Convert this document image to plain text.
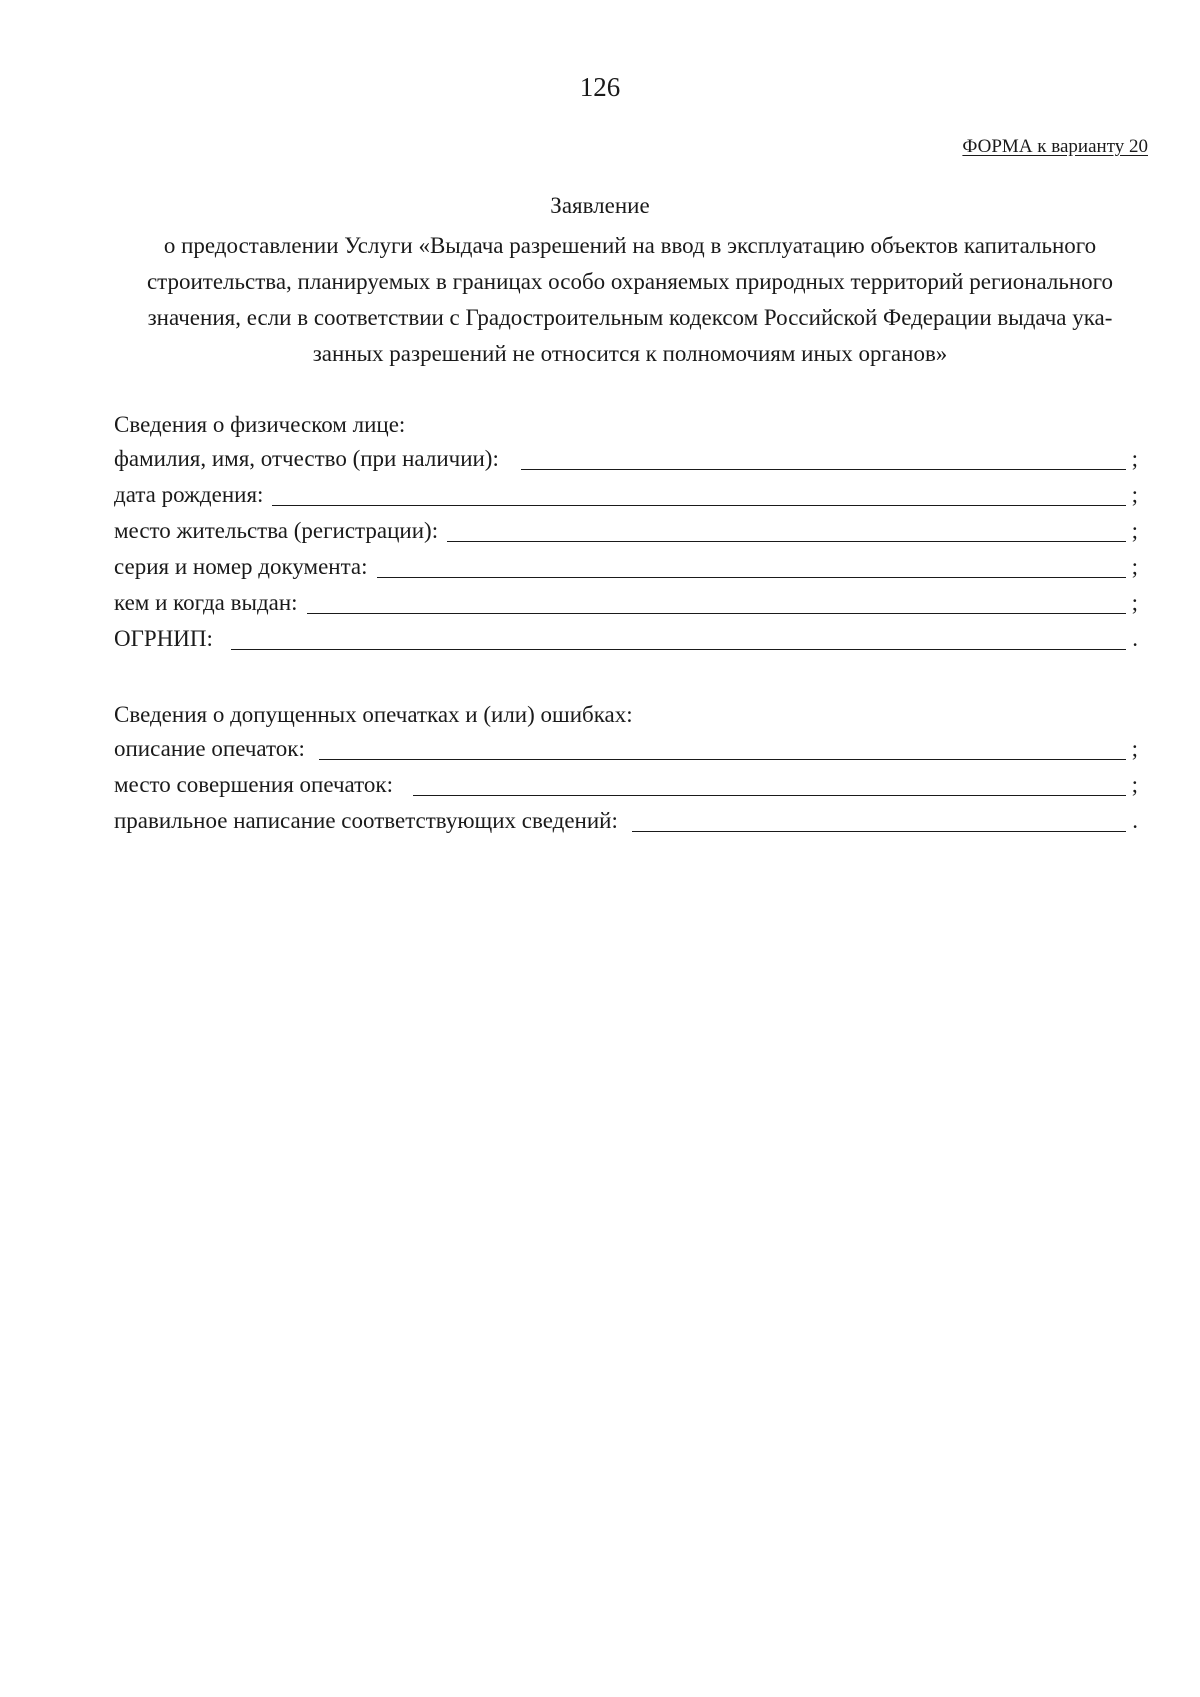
126
ФОРМА к варианту 20
Заявление
о предоставлении Услуги «Выдача разрешений на ввод в эксплуатацию объектов капитального
строительства, планируемых в границах особо охраняемых природных территорий регионального
значения, если в соответствии с Градостроительным кодексом Российской Федерации выдача ука-
занных разрешений не относится к полномочиям иных органов»
Сведения о физическом лице:
фамилия, имя, отчество (при наличии):	;
дата рождения:	;
место жительства (регистрации):	;
серия и номер документа:	;
кем и когда выдан:	;
ОГРНИП:	.
Сведения о допущенных опечатках и (или) ошибках:
описание опечаток:	;
место совершения опечаток:	;
правильное написание соответствующих сведений:	.
